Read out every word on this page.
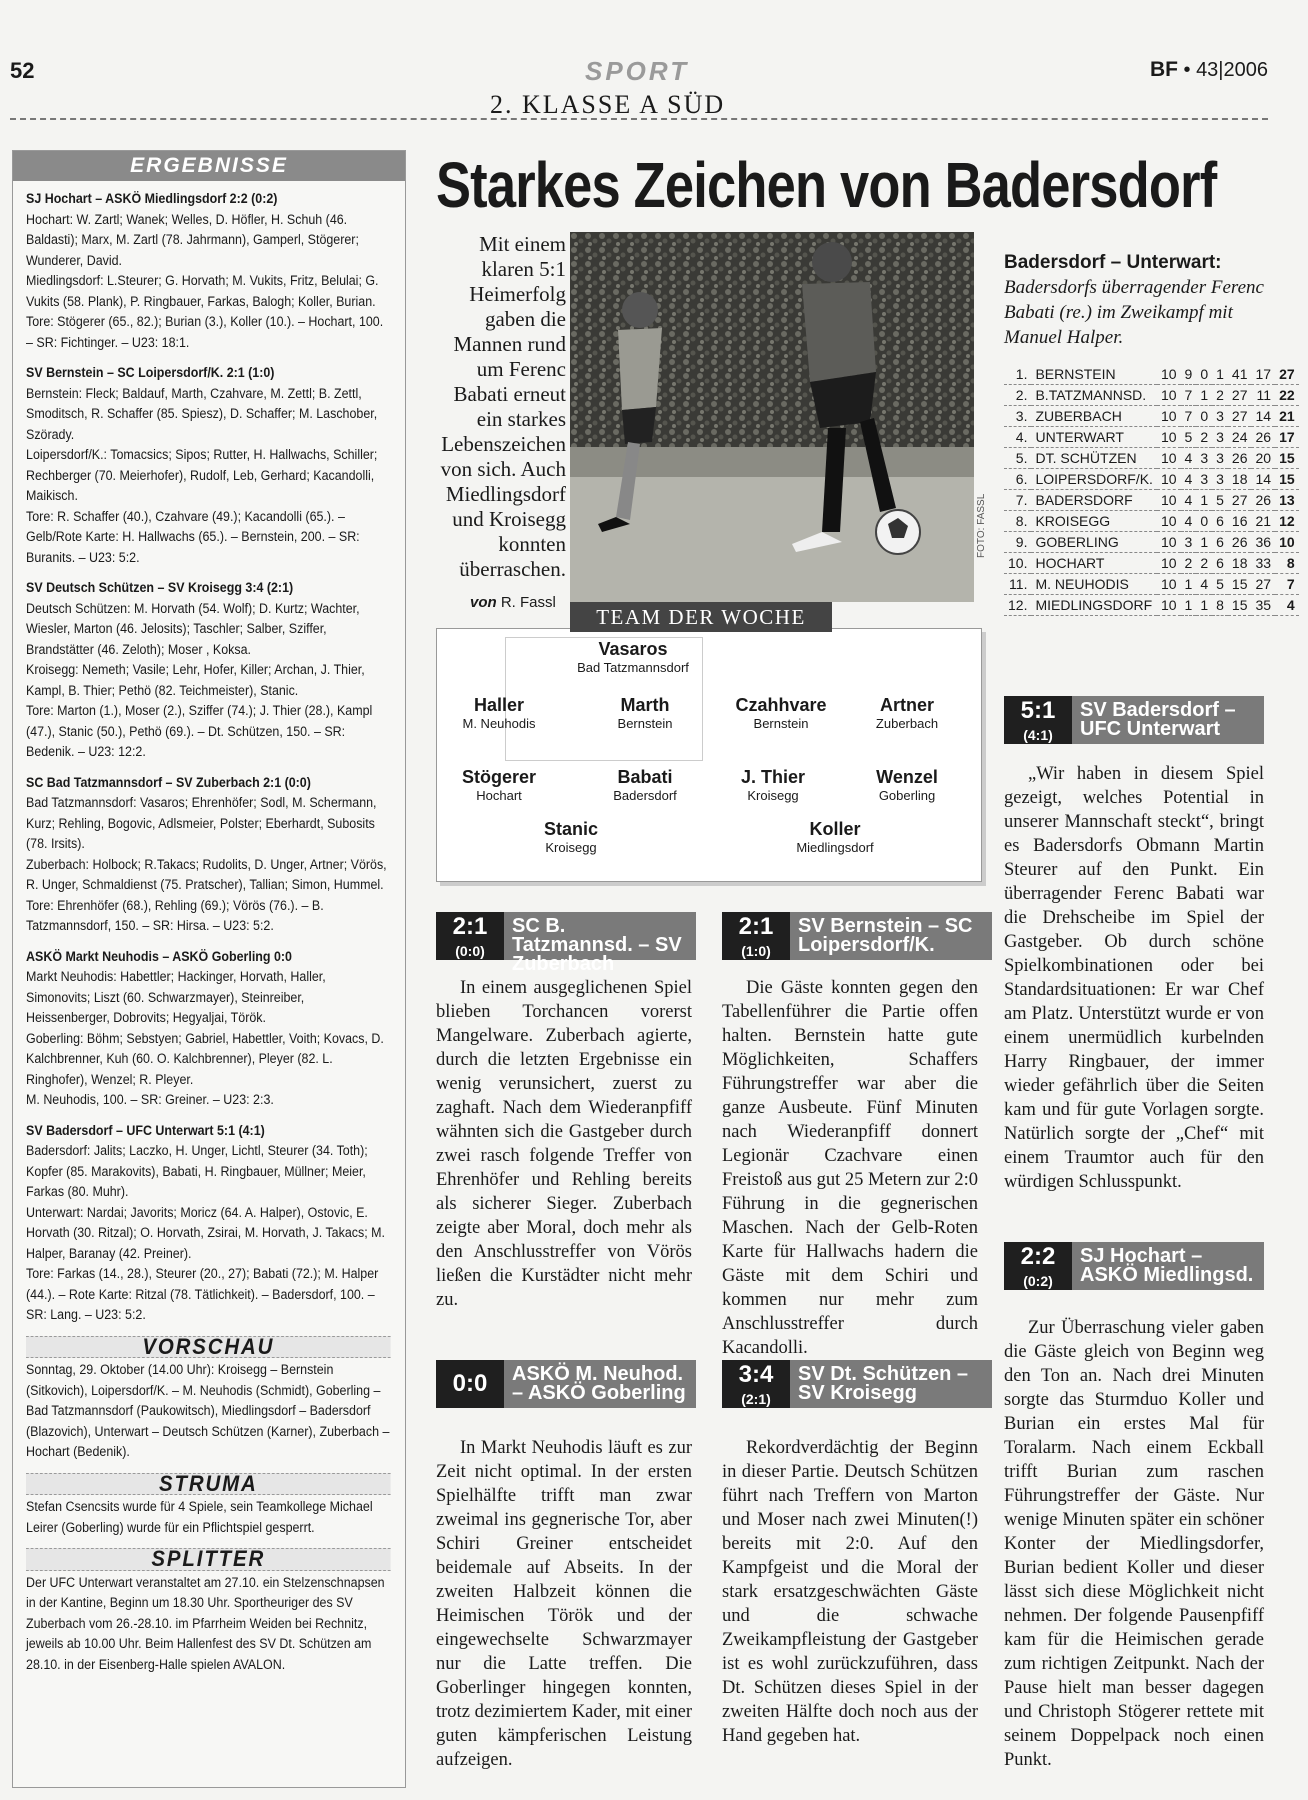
52	SPORT	BF • 43|2006
2. KLASSE A SÜD
ERGEBNISSE

SJ Hochart – ASKÖ Miedlingsdorf 2:2 (0:2)
Hochart: W. Zartl; Wanek; Welles, D. Höfler, H. Schuh (46. Baldasti); Marx, M. Zartl (78. Jahrmann), Gamperl, Stögerer; Wunderer, David.
Miedlingsdorf: L.Steurer; G. Horvath; M. Vukits, Fritz, Belulai; G. Vukits (58. Plank), P. Ringbauer, Farkas, Balogh; Koller, Burian.
Tore: Stögerer (65., 82.); Burian (3.), Koller (10.). – Hochart, 100. – SR: Fichtinger. – U23: 18:1.

SV Bernstein – SC Loipersdorf/K. 2:1 (1:0)
Bernstein: Fleck; Baldauf, Marth, Czahvare, M. Zettl; B. Zettl, Smoditsch, R. Schaffer (85. Spiesz), D. Schaffer; M. Laschober, Szörady.
Loipersdorf/K.: Tomacsics; Sipos; Rutter, H. Hallwachs, Schiller; Rechberger (70. Meierhofer), Rudolf, Leb, Gerhard; Kacandolli, Maikisch.
Tore: R. Schaffer (40.), Czahvare (49.); Kacandolli (65.). – Gelb/Rote Karte: H. Hallwachs (65.). – Bernstein, 200. – SR: Buranits. – U23: 5:2.

SV Deutsch Schützen – SV Kroisegg 3:4 (2:1)
Deutsch Schützen: M. Horvath (54. Wolf); D. Kurtz; Wachter, Wiesler, Marton (46. Jelosits); Taschler; Salber, Sziffer, Brandstätter (46. Zeloth); Moser , Koksa.
Kroisegg: Nemeth; Vasile; Lehr, Hofer, Killer; Archan, J. Thier, Kampl, B. Thier; Pethö (82. Teichmeister), Stanic.
Tore: Marton (1.), Moser (2.), Sziffer (74.); J. Thier (28.), Kampl (47.), Stanic (50.), Pethö (69.). – Dt. Schützen, 150. – SR: Bedenik. – U23: 12:2.

SC Bad Tatzmannsdorf – SV Zuberbach 2:1 (0:0)
Bad Tatzmannsdorf: Vasaros; Ehrenhöfer; Sodl, M. Schermann, Kurz; Rehling, Bogovic, Adlsmeier, Polster; Eberhardt, Subosits (78. Irsits).
Zuberbach: Holbock; R.Takacs; Rudolits, D. Unger, Artner; Vörös, R. Unger, Schmaldienst (75. Pratscher), Tallian; Simon, Hummel.
Tore: Ehrenhöfer (68.), Rehling (69.); Vörös (76.). – B. Tatzmannsdorf, 150. – SR: Hirsa. – U23: 5:2.

ASKÖ Markt Neuhodis – ASKÖ Goberling 0:0
Markt Neuhodis: Habettler; Hackinger, Horvath, Haller, Simonovits; Liszt (60. Schwarzmayer), Steinreiber, Heissenberger, Dobrovits; Hegyaljai, Török.
Goberling: Böhm; Sebstyen; Gabriel, Habettler, Voith; Kovacs, D. Kalchbrenner, Kuh (60. O. Kalchbrenner), Pleyer (82. L. Ringhofer), Wenzel; R. Pleyer.
M. Neuhodis, 100. – SR: Greiner. – U23: 2:3.

SV Badersdorf – UFC Unterwart 5:1 (4:1)
Badersdorf: Jalits; Laczko, H. Unger, Lichtl, Steurer (34. Toth); Kopfer (85. Marakovits), Babati, H. Ringbauer, Müllner; Meier, Farkas (80. Muhr).
Unterwart: Nardai; Javorits; Moricz (64. A. Halper), Ostovic, E. Horvath (30. Ritzal); O. Horvath, Zsirai, M. Horvath, J. Takacs; M. Halper, Baranay (42. Preiner).
Tore: Farkas (14., 28.), Steurer (20., 27); Babati (72.); M. Halper (44.). – Rote Karte: Ritzal (78. Tätlichkeit). – Badersdorf, 100. – SR: Lang. – U23: 5:2.

VORSCHAU

Sonntag, 29. Oktober (14.00 Uhr): Kroisegg – Bernstein (Sitkovich), Loipersdorf/K. – M. Neuhodis (Schmidt), Goberling – Bad Tatzmannsdorf (Paukowitsch), Miedlingsdorf – Badersdorf (Blazovich), Unterwart – Deutsch Schützen (Karner), Zuberbach – Hochart (Bedenik).

STRUMA

Stefan Csencsits wurde für 4 Spiele, sein Teamkollege Michael Leirer (Goberling) wurde für ein Pflichtspiel gesperrt.

SPLITTER

Der UFC Unterwart veranstaltet am 27.10. ein Stelzenschnapsen in der Kantine, Beginn um 18.30 Uhr. Sportheuriger des SV Zuberbach vom 26.-28.10. im Pfarrheim Weiden bei Rechnitz, jeweils ab 10.00 Uhr. Beim Hallenfest des SV Dt. Schützen am 28.10. in der Eisenberg-Halle spielen AVALON.

Starkes Zeichen von Badersdorf
Mit einem klaren 5:1 Heimerfolg gaben die Mannen rund um Ferenc Babati erneut ein starkes Lebenszeichen von sich. Auch Miedlingsdorf und Kroisegg konnten überraschen.
von R. Fassl
FOTO: FASSL
Badersdorf – Unterwart: Badersdorfs überragender Ferenc Babati (re.) im Zweikampf mit Manuel Halper.
1.	BERNSTEIN	10	9	0	1	41	17	27
2.	B.TATZMANNSD.	10	7	1	2	27	11	22
3.	ZUBERBACH	10	7	0	3	27	14	21
4.	UNTERWART	10	5	2	3	24	26	17
5.	DT. SCHÜTZEN	10	4	3	3	26	20	15
6.	LOIPERSDORF/K.	10	4	3	3	18	14	15
7.	BADERSDORF	10	4	1	5	27	26	13
8.	KROISEGG	10	4	0	6	16	21	12
9.	GOBERLING	10	3	1	6	26	36	10
10.	HOCHART	10	2	2	6	18	33	8
11.	M. NEUHODIS	10	1	4	5	15	27	7
12.	MIEDLINGSDORF	10	1	1	8	15	35	4
Vasaros
Bad Tatzmannsdorf
Haller
M. Neuhodis
Marth
Bernstein
Czahhvare
Bernstein
Artner
Zuberbach
Stögerer
Hochart
Babati
Badersdorf
J. Thier
Kroisegg
Wenzel
Goberling
Stanic
Kroisegg
Koller
Miedlingsdorf
TEAM DER WOCHE
2:1
(0:0)
SC B. Tatzmannsd. – SV Zuberbach

In einem ausgeglichenen Spiel blieben Torchancen vorerst Mangelware. Zuberbach agierte, durch die letzten Ergebnisse ein wenig verunsichert, zuerst zu zaghaft. Nach dem Wiederanpfiff wähnten sich die Gastgeber durch zwei rasch folgende Treffer von Ehrenhöfer und Rehling bereits als sicherer Sieger. Zuberbach zeigte aber Moral, doch mehr als den Anschlusstreffer von Vörös ließen die Kurstädter nicht mehr zu.

2:1
(1:0)
SV Bernstein – SC Loipersdorf/K.

Die Gäste konnten gegen den Tabellenführer die Partie offen halten. Bernstein hatte gute Möglichkeiten, Schaffers Führungstreffer war aber die ganze Ausbeute. Fünf Minuten nach Wiederanpfiff donnert Legionär Czachvare einen Freistoß aus gut 25 Metern zur 2:0 Führung in die gegnerischen Maschen. Nach der Gelb-Roten Karte für Hallwachs hadern die Gäste mit dem Schiri und kommen nur mehr zum Anschlusstreffer durch Kacandolli.

0:0	ASKÖ M. Neuhod. – ASKÖ Goberling

In Markt Neuhodis läuft es zur Zeit nicht optimal. In der ersten Spielhälfte trifft man zwar zweimal ins gegnerische Tor, aber Schiri Greiner entscheidet beidemale auf Abseits. In der zweiten Halbzeit können die Heimischen Török und der eingewechselte Schwarzmayer nur die Latte treffen. Die Goberlinger hingegen konnten, trotz dezimiertem Kader, mit einer guten kämpferischen Leistung aufzeigen.

3:4
(2:1)
SV Dt. Schützen – SV Kroisegg

Rekordverdächtig der Beginn in dieser Partie. Deutsch Schützen führt nach Treffern von Marton und Moser nach zwei Minuten(!) bereits mit 2:0. Auf den Kampfgeist und die Moral der stark ersatzgeschwächten Gäste und die schwache Zweikampfleistung der Gastgeber ist es wohl zurückzuführen, dass Dt. Schützen dieses Spiel in der zweiten Hälfte doch noch aus der Hand gegeben hat.

5:1
(4:1)
SV Badersdorf – UFC Unterwart

„Wir haben in diesem Spiel gezeigt, welches Potential in unserer Mannschaft steckt“, bringt es Badersdorfs Obmann Martin Steurer auf den Punkt. Ein überragender Ferenc Babati war die Drehscheibe im Spiel der Gastgeber. Ob durch schöne Spielkombinationen oder bei Standardsituationen: Er war Chef am Platz. Unterstützt wurde er von einem unermüdlich kurbelnden Harry Ringbauer, der immer wieder gefährlich über die Seiten kam und für gute Vorlagen sorgte. Natürlich sorgte der „Chef“ mit einem Traumtor auch für den würdigen Schlusspunkt.

2:2
(0:2)
SJ Hochart – ASKÖ Miedlingsd.

Zur Überraschung vieler gaben die Gäste gleich von Beginn weg den Ton an. Nach drei Minuten sorgte das Sturmduo Koller und Burian ein erstes Mal für Toralarm. Nach einem Eckball trifft Burian zum raschen Führungstreffer der Gäste. Nur wenige Minuten später ein schöner Konter der Miedlingsdorfer, Burian bedient Koller und dieser lässt sich diese Möglichkeit nicht nehmen. Der folgende Pausenpfiff kam für die Heimischen gerade zum richtigen Zeitpunkt. Nach der Pause hielt man besser dagegen und Christoph Stögerer rettete mit seinem Doppelpack noch einen Punkt.
